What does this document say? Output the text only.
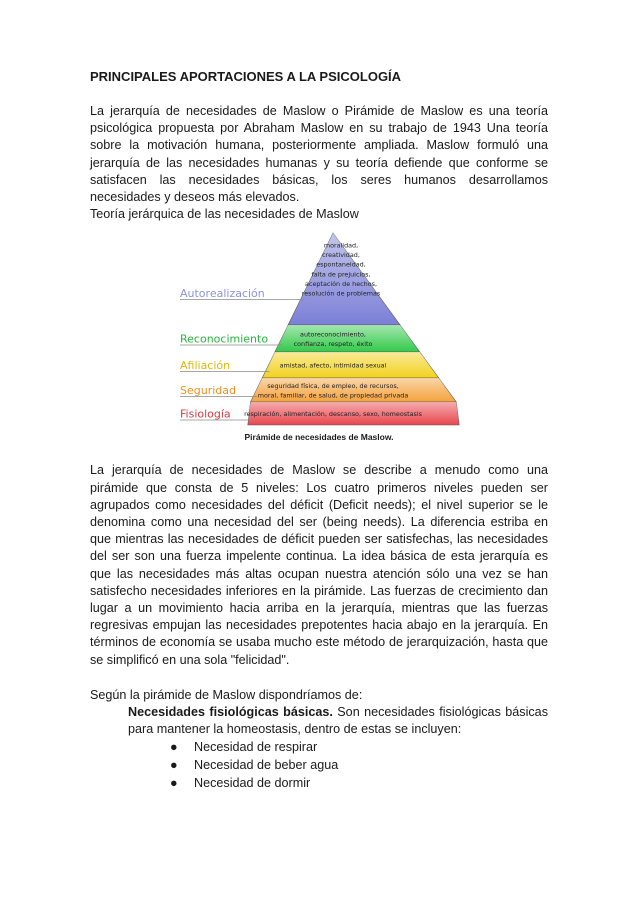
PRINCIPALES APORTACIONES A LA PSICOLOGÍA

La jerarquía de necesidades de Maslow o Pirámide de Maslow es una teoría psicológica propuesta por Abraham Maslow en su trabajo de 1943 Una teoría sobre la motivación humana, posteriormente ampliada. Maslow formuló una jerarquía de las necesidades humanas y su teoría defiende que conforme se satisfacen las necesidades básicas, los seres humanos desarrollamos necesidades y deseos más elevados.

Teoría jerárquica de las necesidades de Maslow

moralidad,
creatividad,
espontaneidad,
falta de prejuicios,
aceptación de hechos,
resolución de problemas
Autorealización
autoreconocimiento,
confianza, respeto, éxito
Reconocimiento
amistad, afecto, intimidad sexual
Afiliación
seguridad física, de empleo, de recursos,
moral, familiar, de salud, de propiedad privada
Seguridad
respiración, alimentación, descanso, sexo, homeostasis
Fisiología
Pirámide de necesidades de Maslow.

La jerarquía de necesidades de Maslow se describe a menudo como una pirámide que consta de 5 niveles: Los cuatro primeros niveles pueden ser agrupados como necesidades del déficit (Deficit needs); el nivel superior se le denomina como una necesidad del ser (being needs). La diferencia estriba en que mientras las necesidades de déficit pueden ser satisfechas, las necesidades del ser son una fuerza impelente continua. La idea básica de esta jerarquía es que las necesidades más altas ocupan nuestra atención sólo una vez se han satisfecho necesidades inferiores en la pirámide. Las fuerzas de crecimiento dan lugar a un movimiento hacia arriba en la jerarquía, mientras que las fuerzas regresivas empujan las necesidades prepotentes hacia abajo en la jerarquía. En términos de economía se usaba mucho este método de jerarquización, hasta que se simplificó en una sola "felicidad".

Según la pirámide de Maslow dispondríamos de:

Necesidades fisiológicas básicas. Son necesidades fisiológicas básicas para mantener la homeostasis, dentro de estas se incluyen:

● Necesidad de respirar
● Necesidad de beber agua
● Necesidad de dormir
